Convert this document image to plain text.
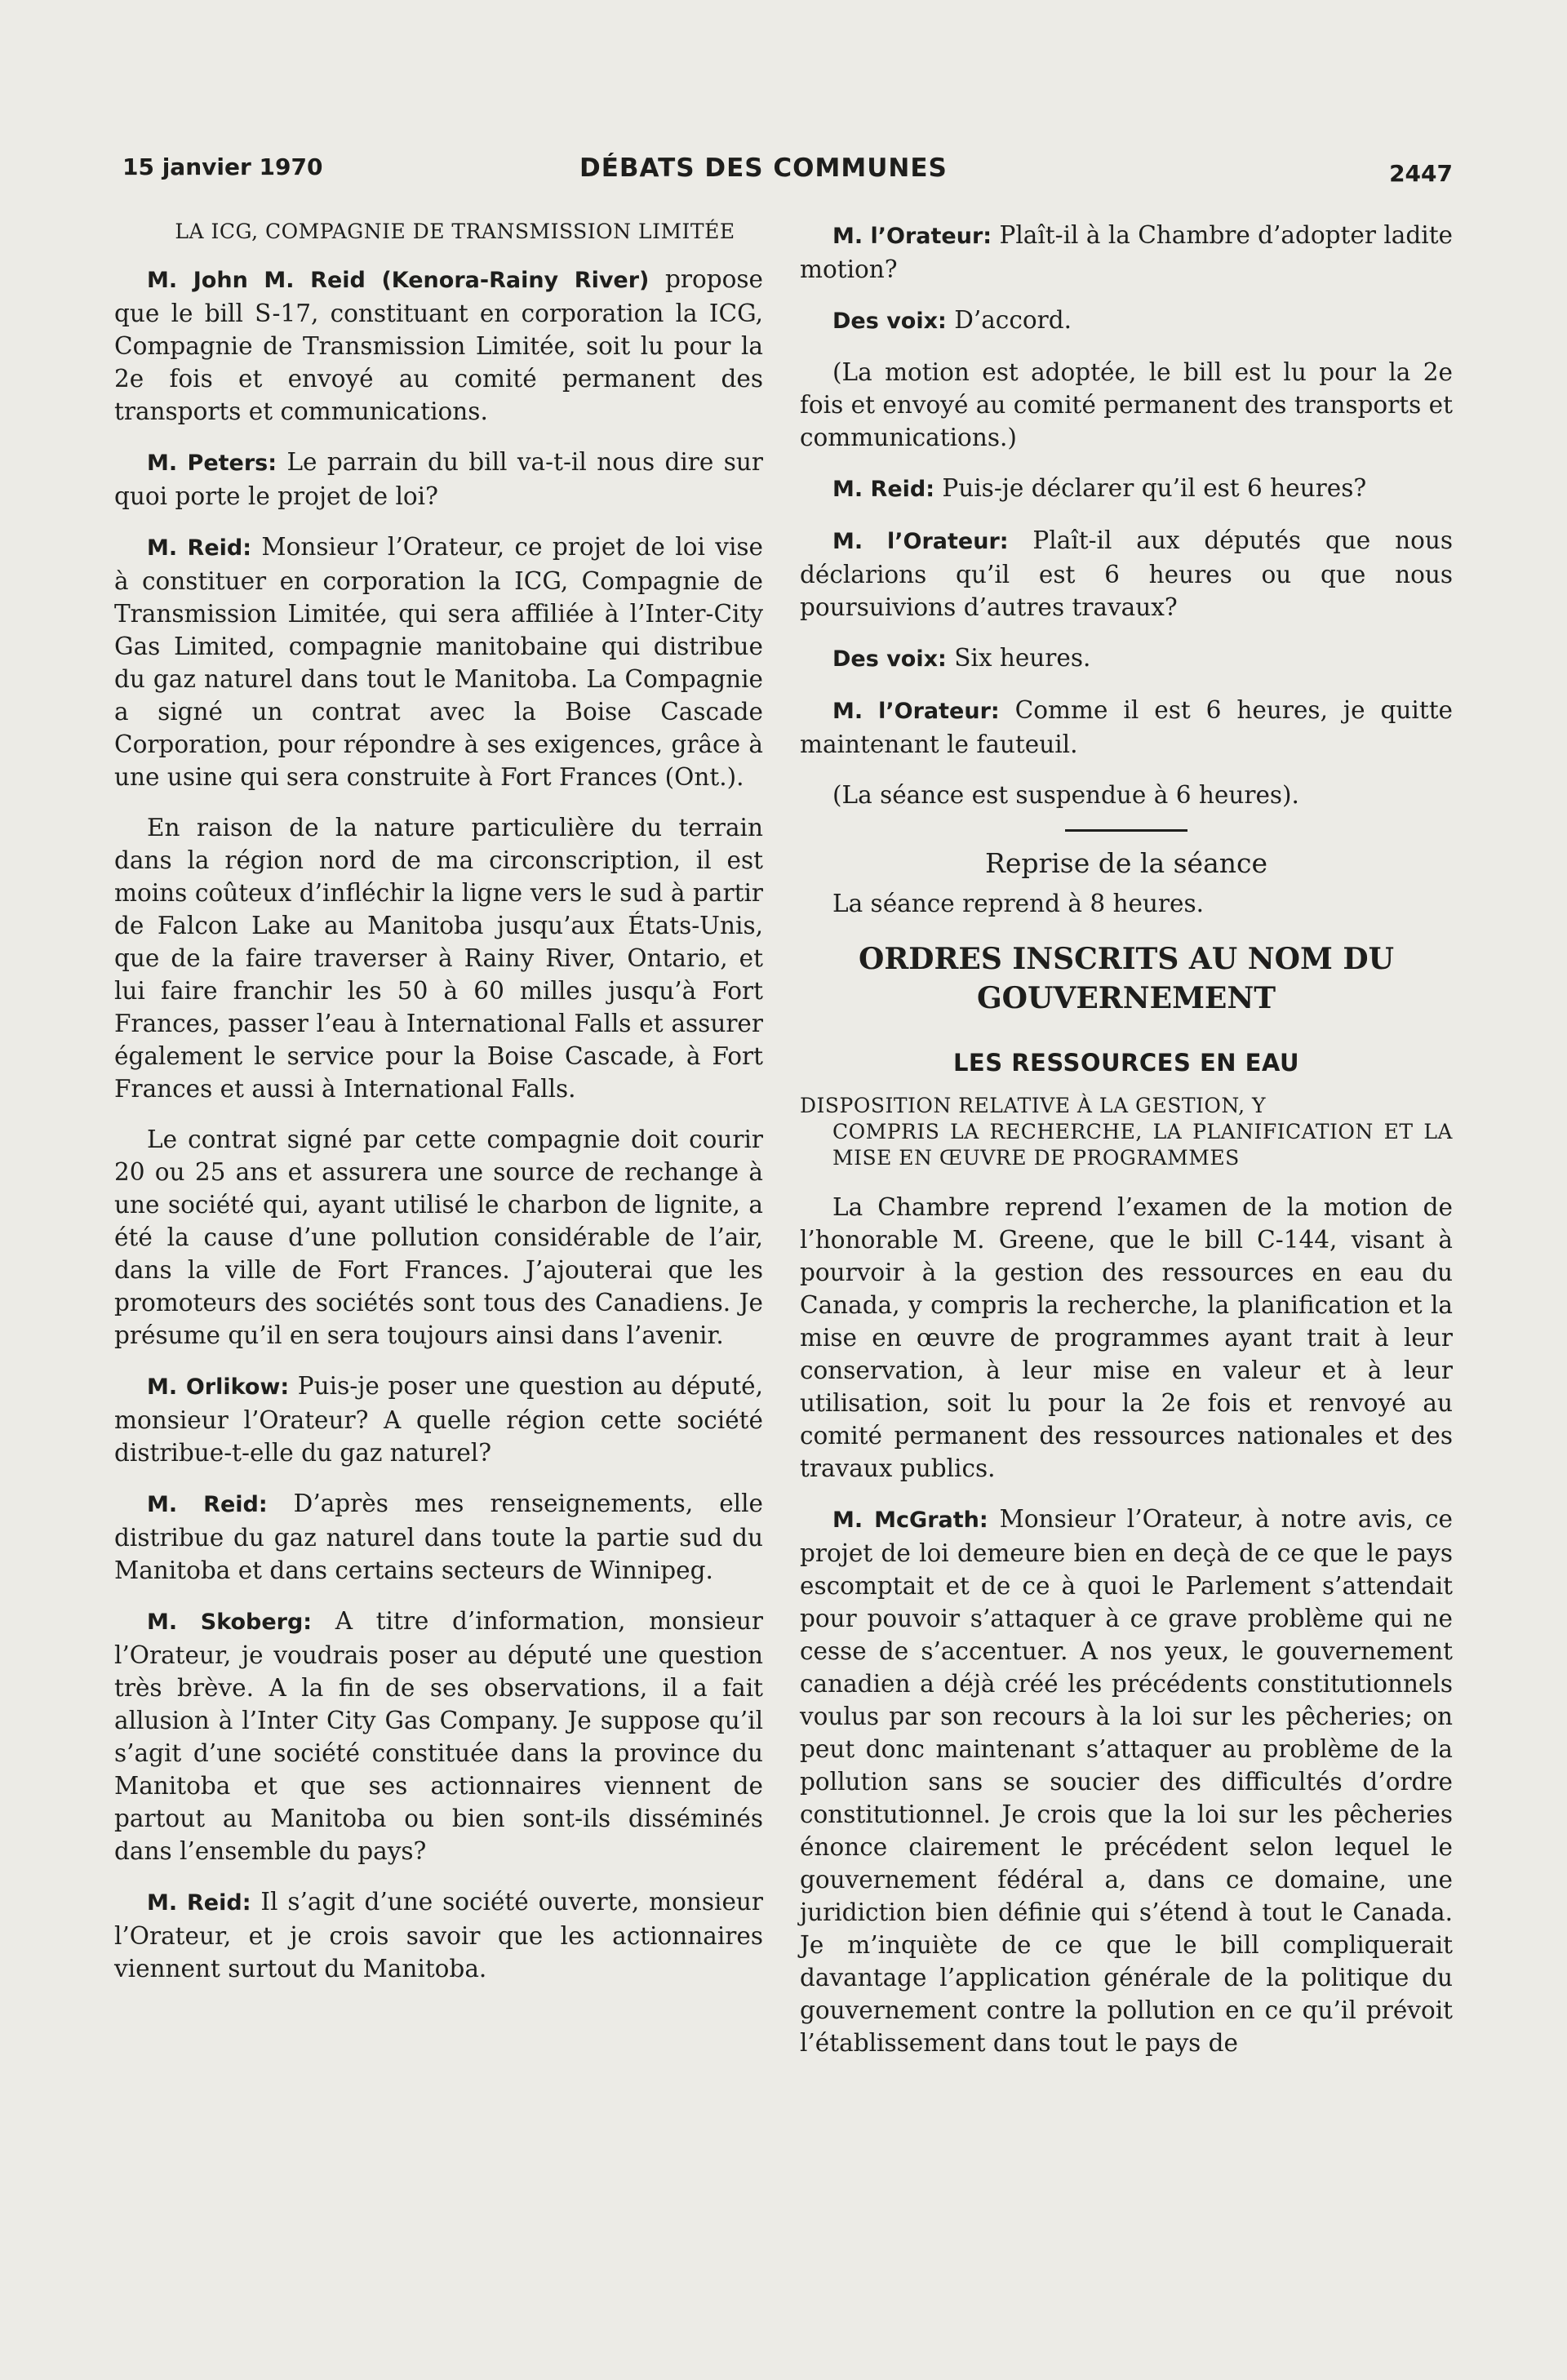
15 janvier 1970	DÉBATS DES COMMUNES	2447

LA ICG, COMPAGNIE DE TRANSMISSION LIMITÉE

M. John M. Reid (Kenora-Rainy River) propose que le bill S-17, constituant en corporation la ICG, Compagnie de Transmission Limitée, soit lu pour la 2e fois et envoyé au comité permanent des transports et communications.

M. Peters: Le parrain du bill va-t-il nous dire sur quoi porte le projet de loi?

M. Reid: Monsieur l’Orateur, ce projet de loi vise à constituer en corporation la ICG, Compagnie de Transmission Limitée, qui sera affiliée à l’Inter-City Gas Limited, compagnie manitobaine qui distribue du gaz naturel dans tout le Manitoba. La Compagnie a signé un contrat avec la Boise Cascade Corporation, pour répondre à ses exigences, grâce à une usine qui sera construite à Fort Frances (Ont.).

En raison de la nature particulière du terrain dans la région nord de ma circonscription, il est moins coûteux d’infléchir la ligne vers le sud à partir de Falcon Lake au Manitoba jusqu’aux États-Unis, que de la faire traverser à Rainy River, Ontario, et lui faire franchir les 50 à 60 milles jusqu’à Fort Frances, passer l’eau à International Falls et assurer également le service pour la Boise Cascade, à Fort Frances et aussi à International Falls.

Le contrat signé par cette compagnie doit courir 20 ou 25 ans et assurera une source de rechange à une société qui, ayant utilisé le charbon de lignite, a été la cause d’une pollution considérable de l’air, dans la ville de Fort Frances. J’ajouterai que les promoteurs des sociétés sont tous des Canadiens. Je présume qu’il en sera toujours ainsi dans l’avenir.

M. Orlikow: Puis-je poser une question au député, monsieur l’Orateur? A quelle région cette société distribue-t-elle du gaz naturel?

M. Reid: D’après mes renseignements, elle distribue du gaz naturel dans toute la partie sud du Manitoba et dans certains secteurs de Winnipeg.

M. Skoberg: A titre d’information, monsieur l’Orateur, je voudrais poser au député une question très brève. A la fin de ses observations, il a fait allusion à l’Inter City Gas Company. Je suppose qu’il s’agit d’une société constituée dans la province du Manitoba et que ses actionnaires viennent de partout au Manitoba ou bien sont-ils disséminés dans l’ensemble du pays?

M. Reid: Il s’agit d’une société ouverte, monsieur l’Orateur, et je crois savoir que les actionnaires viennent surtout du Manitoba.

M. l’Orateur: Plaît-il à la Chambre d’adopter ladite motion?

Des voix: D’accord.

(La motion est adoptée, le bill est lu pour la 2e fois et envoyé au comité permanent des transports et communications.)

M. Reid: Puis-je déclarer qu’il est 6 heures?

M. l’Orateur: Plaît-il aux députés que nous déclarions qu’il est 6 heures ou que nous poursuivions d’autres travaux?

Des voix: Six heures.

M. l’Orateur: Comme il est 6 heures, je quitte maintenant le fauteuil.

(La séance est suspendue à 6 heures).

Reprise de la séance

La séance reprend à 8 heures.

ORDRES INSCRITS AU NOM DU GOUVERNEMENT
LES RESSOURCES EN EAU
DISPOSITION RELATIVE À LA GESTION, Y
COMPRIS LA RECHERCHE, LA PLANIFICATION ET LA MISE EN ŒUVRE DE PROGRAMMES

La Chambre reprend l’examen de la motion de l’honorable M. Greene, que le bill C-144, visant à pourvoir à la gestion des ressources en eau du Canada, y compris la recherche, la planification et la mise en œuvre de programmes ayant trait à leur conservation, à leur mise en valeur et à leur utilisation, soit lu pour la 2e fois et renvoyé au comité permanent des ressources nationales et des travaux publics.

M. McGrath: Monsieur l’Orateur, à notre avis, ce projet de loi demeure bien en deçà de ce que le pays escomptait et de ce à quoi le Parlement s’attendait pour pouvoir s’attaquer à ce grave problème qui ne cesse de s’accentuer. A nos yeux, le gouvernement canadien a déjà créé les précédents constitutionnels voulus par son recours à la loi sur les pêcheries; on peut donc maintenant s’attaquer au problème de la pollution sans se soucier des difficultés d’ordre constitutionnel. Je crois que la loi sur les pêcheries énonce clairement le précédent selon lequel le gouvernement fédéral a, dans ce domaine, une juridiction bien définie qui s’étend à tout le Canada. Je m’inquiète de ce que le bill compliquerait davantage l’application générale de la politique du gouvernement contre la pollution en ce qu’il prévoit l’établissement dans tout le pays de
